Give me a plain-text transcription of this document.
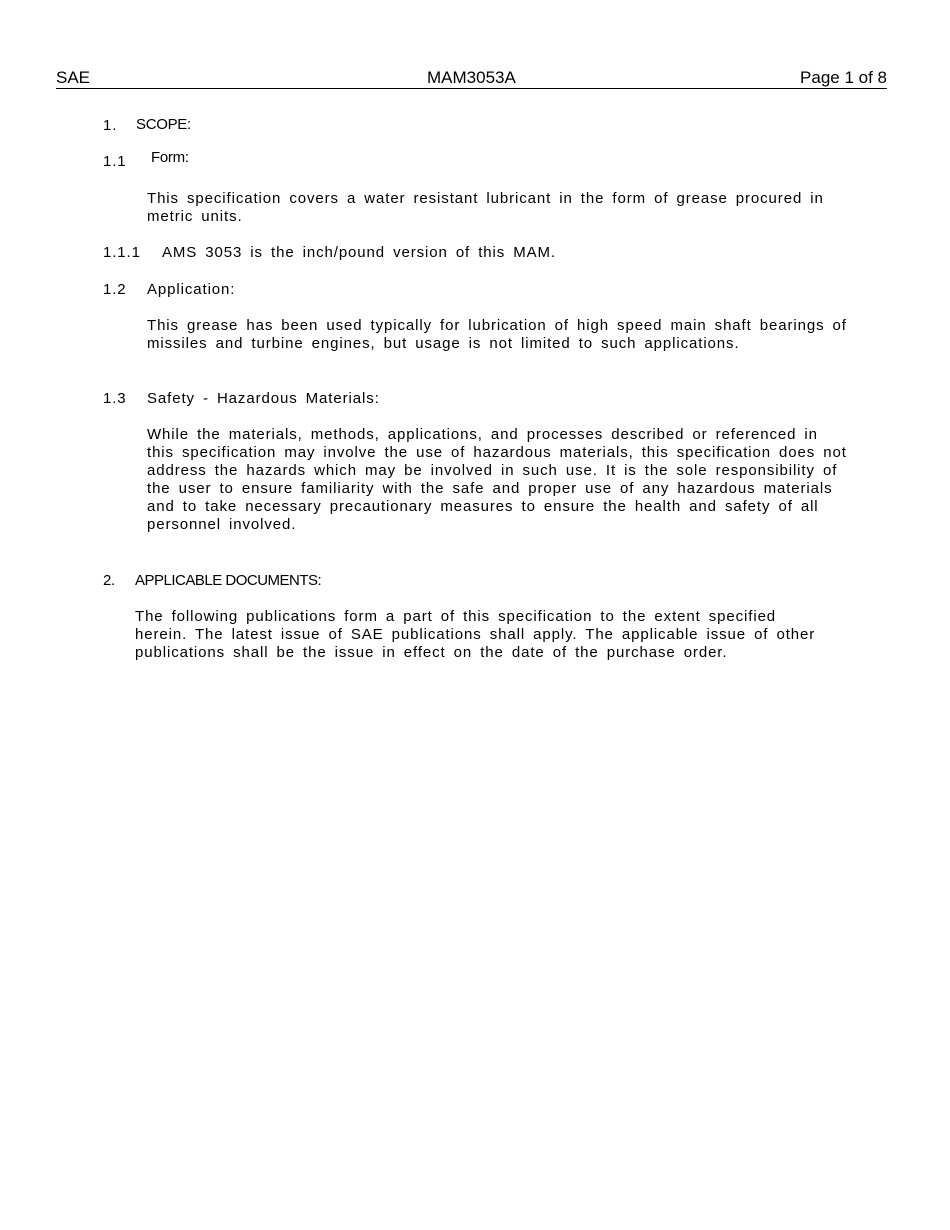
SAE	MAM3053A	Page 1 of 8
1. SCOPE:
1.1 Form:
This specification covers a water resistant lubricant in the form of grease procured in metric units.
1.1.1 AMS 3053 is the inch/pound version of this MAM.
1.2 Application:
This grease has been used typically for lubrication of high speed main shaft bearings of missiles and turbine engines, but usage is not limited to such applications.
1.3 Safety - Hazardous Materials:
While the materials, methods, applications, and processes described or referenced in this specification may involve the use of hazardous materials, this specification does not address the hazards which may be involved in such use. It is the sole responsibility of the user to ensure familiarity with the safe and proper use of any hazardous materials and to take necessary precautionary measures to ensure the health and safety of all personnel involved.
2. APPLICABLE DOCUMENTS:
The following publications form a part of this specification to the extent specified herein. The latest issue of SAE publications shall apply. The applicable issue of other publications shall be the issue in effect on the date of the purchase order.
